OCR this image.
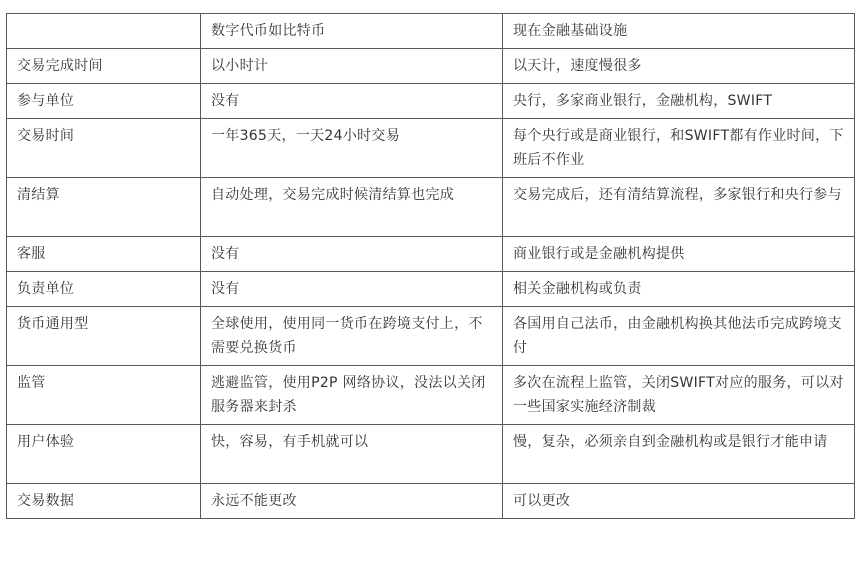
	数字代币如比特币	现在金融基础设施
交易完成时间	以小时计	以天计，速度慢很多
参与单位	没有	央行，多家商业银行，金融机构，SWIFT
交易时间	一年365天，一天24小时交易	每个央行或是商业银行，和SWIFT都有作业时间，下班后不作业
清结算	自动处理，交易完成时候清结算也完成	交易完成后，还有清结算流程，多家银行和央行参与
客服	没有	商业银行或是金融机构提供
负责单位	没有	相关金融机构或负责
货币通用型	全球使用，使用同一货币在跨境支付上，不需要兑换货币	各国用自己法币，由金融机构换其他法币完成跨境支付
监管	逃避监管，使用P2P 网络协议，没法以关闭服务器来封杀	多次在流程上监管，关闭SWIFT对应的服务，可以对一些国家实施经济制裁
用户体验	快，容易，有手机就可以	慢，复杂，必须亲自到金融机构或是银行才能申请
交易数据	永远不能更改	可以更改
